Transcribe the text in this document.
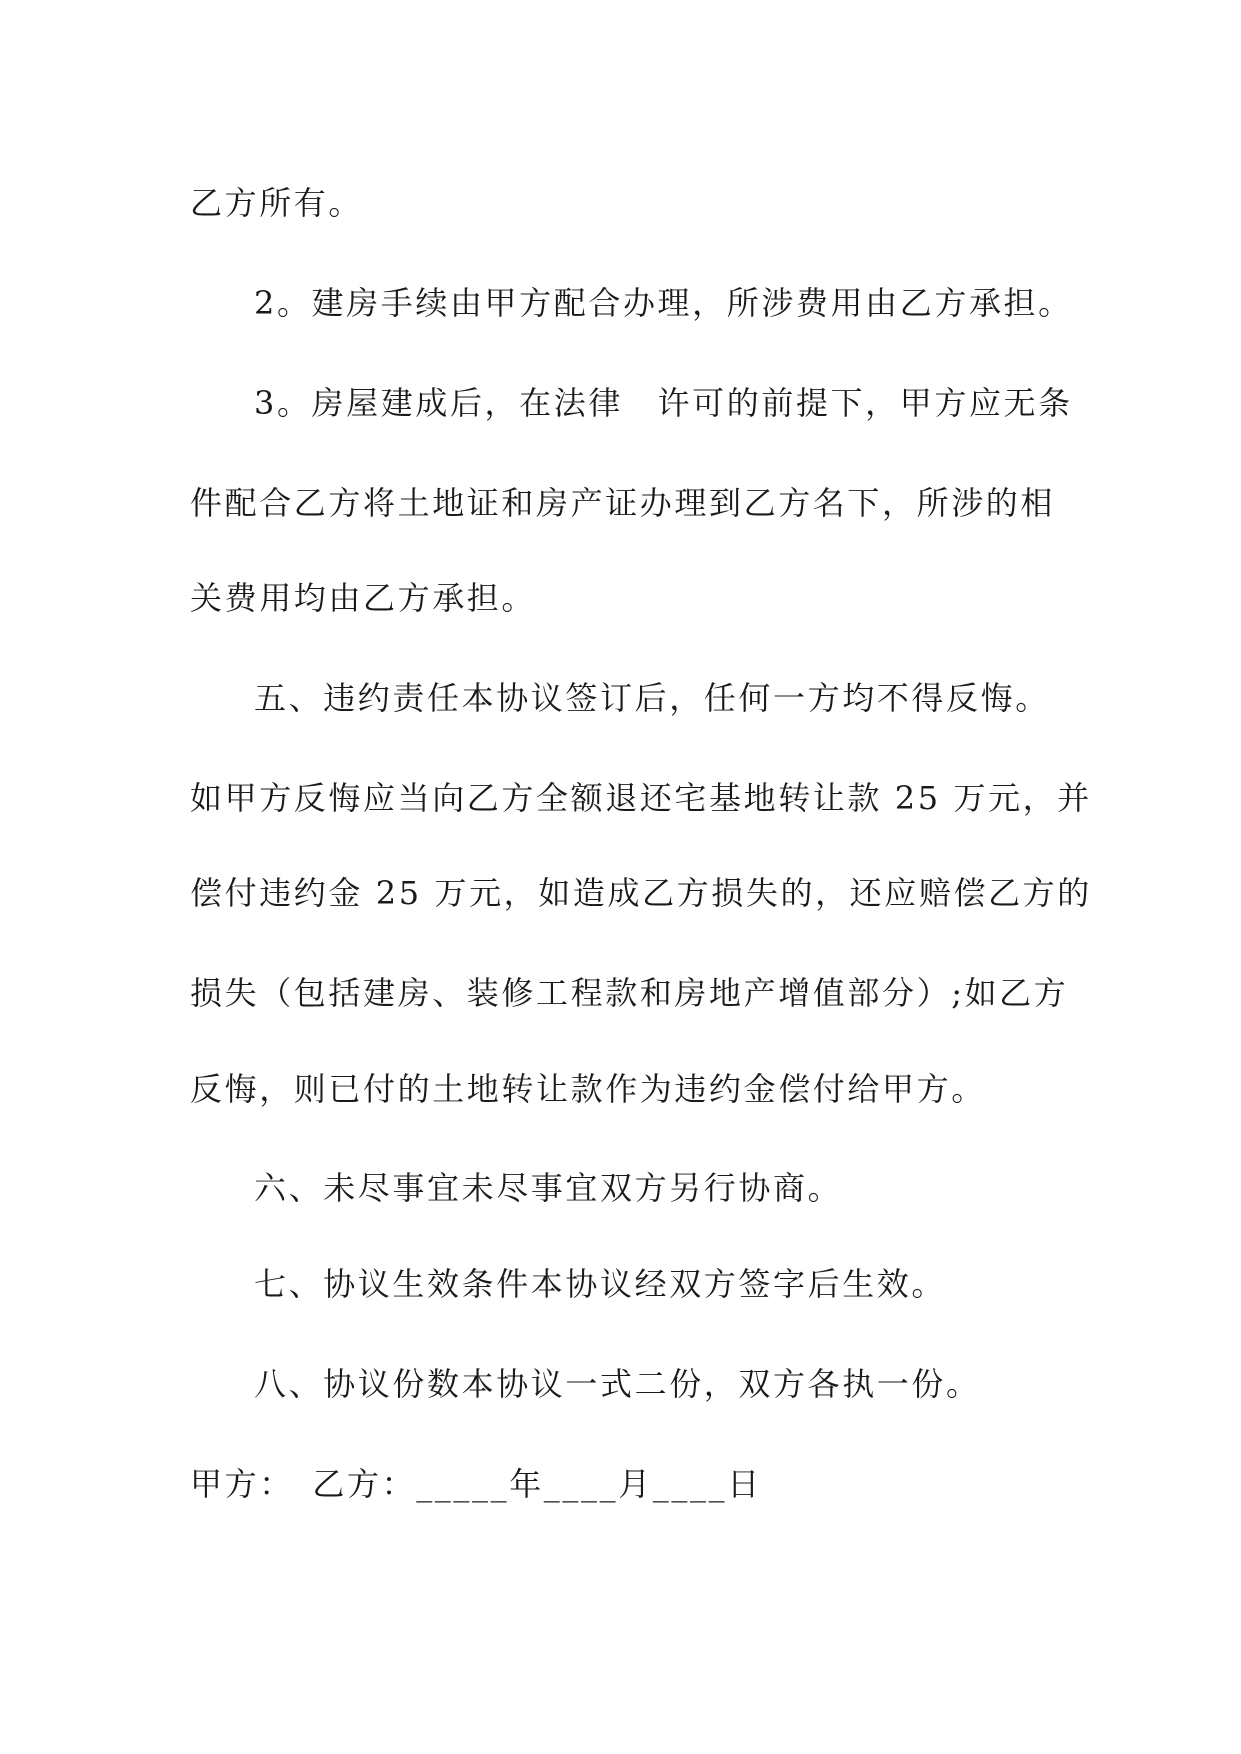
乙方所有。
2。建房手续由甲方配合办理，所涉费用由乙方承担。
3。房屋建成后，在法律　许可的前提下，甲方应无条
件配合乙方将土地证和房产证办理到乙方名下，所涉的相
关费用均由乙方承担。
五、违约责任本协议签订后，任何一方均不得反悔。
如甲方反悔应当向乙方全额退还宅基地转让款 25 万元，并
偿付违约金 25 万元，如造成乙方损失的，还应赔偿乙方的
损失（包括建房、装修工程款和房地产增值部分）;如乙方
反悔，则已付的土地转让款作为违约金偿付给甲方。
六、未尽事宜未尽事宜双方另行协商。
七、协议生效条件本协议经双方签字后生效。
八、协议份数本协议一式二份，双方各执一份。
甲方：　乙方：_____年____月____日
